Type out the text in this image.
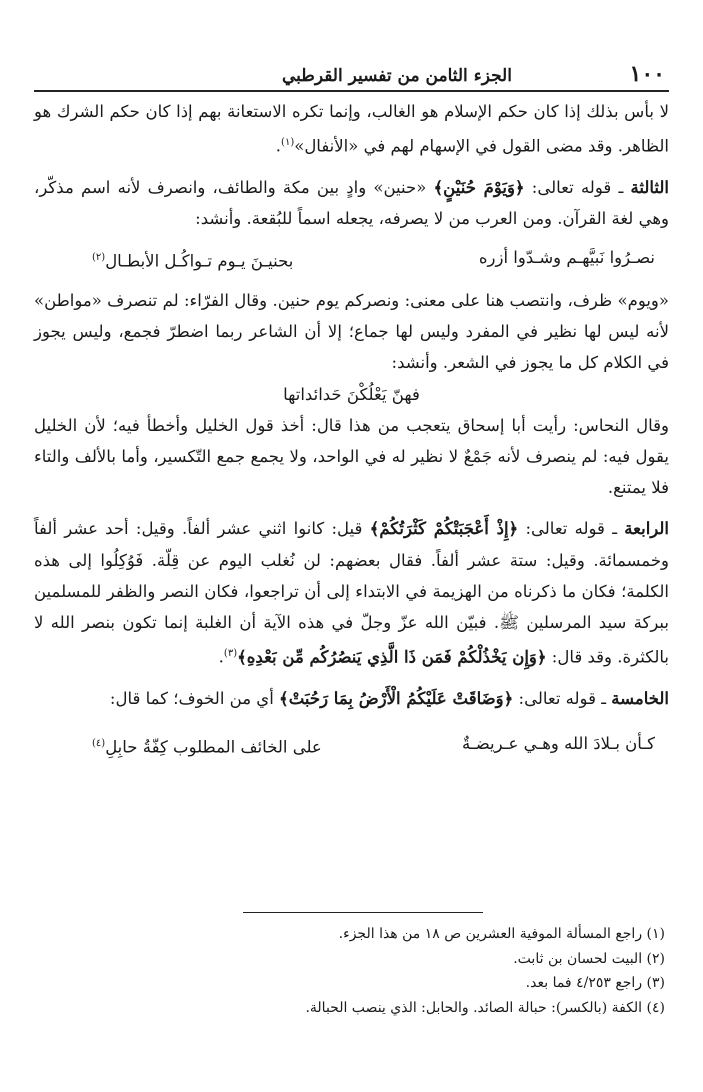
١٠٠
الجزء الثامن من تفسير القرطبي

لا بأس بذلك إذا كان حكم الإسلام هو الغالب، وإنما تكره الاستعانة بهم إذا كان حكم الشرك هو الظاهر. وقد مضى القول في الإسهام لهم في «الأنفال»$^{(١)}$.

الثالثة ـ قوله تعالى: ﴿وَيَوْمَ حُنَيْنٍ﴾ «حنين» وادٍ بين مكة والطائف، وانصرف لأنه اسم مذكّر، وهي لغة القرآن. ومن العرب من لا يصرفه، يجعله اسماً للبُقعة. وأنشد:

نصـرُوا نَبيَّهـم وشـدّوا أزره
بحنيـنَ يـوم تـواكُـل الأبطـال$^{(٢)}$

«ويوم» ظرف، وانتصب هنا على معنى: ونصركم يوم حنين. وقال الفرّاء: لم تنصرف «مواطن» لأنه ليس لها نظير في المفرد وليس لها جماع؛ إلا أن الشاعر ربما اضطرّ فجمع، وليس يجوز في الكلام كل ما يجوز في الشعر. وأنشد:

فهنّ يَعْلُكْنَ حَدائداتها

وقال النحاس: رأيت أبا إسحاق يتعجب من هذا قال: أخذ قول الخليل وأخطأ فيه؛ لأن الخليل يقول فيه: لم ينصرف لأنه جَمْعٌ لا نظير له في الواحد، ولا يجمع جمع التّكسير، وأما بالألف والتاء فلا يمتنع.

الرابعة ـ قوله تعالى: ﴿إِذْ أَعْجَبَتْكُمْ كَثْرَتُكُمْ﴾ قيل: كانوا اثني عشر ألفاً. وقيل: أحد عشر ألفاً وخمسمائة. وقيل: ستة عشر ألفاً. فقال بعضهم: لن نُغلب اليوم عن قِلّة. فَوُكِلُوا إلى هذه الكلمة؛ فكان ما ذكرناه من الهزيمة في الابتداء إلى أن تراجعوا، فكان النصر والظفر للمسلمين ببركة سيد المرسلين ﷺ. فبيّن الله عزّ وجلّ في هذه الآية أن الغلبة إنما تكون بنصر الله لا بالكثرة. وقد قال: ﴿وَإِن يَخْذُلْكُمْ فَمَن ذَا الَّذِي يَنصُرُكُم مِّن بَعْدِهِ﴾$^{(٣)}$.

الخامسة ـ قوله تعالى: ﴿وَضَاقَتْ عَلَيْكُمُ الْأَرْضُ بِمَا رَحُبَتْ﴾ أي من الخوف؛ كما قال:

كـأن بـلادَ الله وهـي عـريضـةٌ
على الخائف المطلوب كِفّةُ حابِلِ$^{(٤)}$
(١) راجع المسألة الموفية العشرين ص ١٨ من هذا الجزء.
(٢) البيت لحسان بن ثابت.
(٣) راجع ٤/٢٥٣ فما بعد.
(٤) الكفة (بالكسر): حبالة الصائد. والحابل: الذي ينصب الحبالة.
